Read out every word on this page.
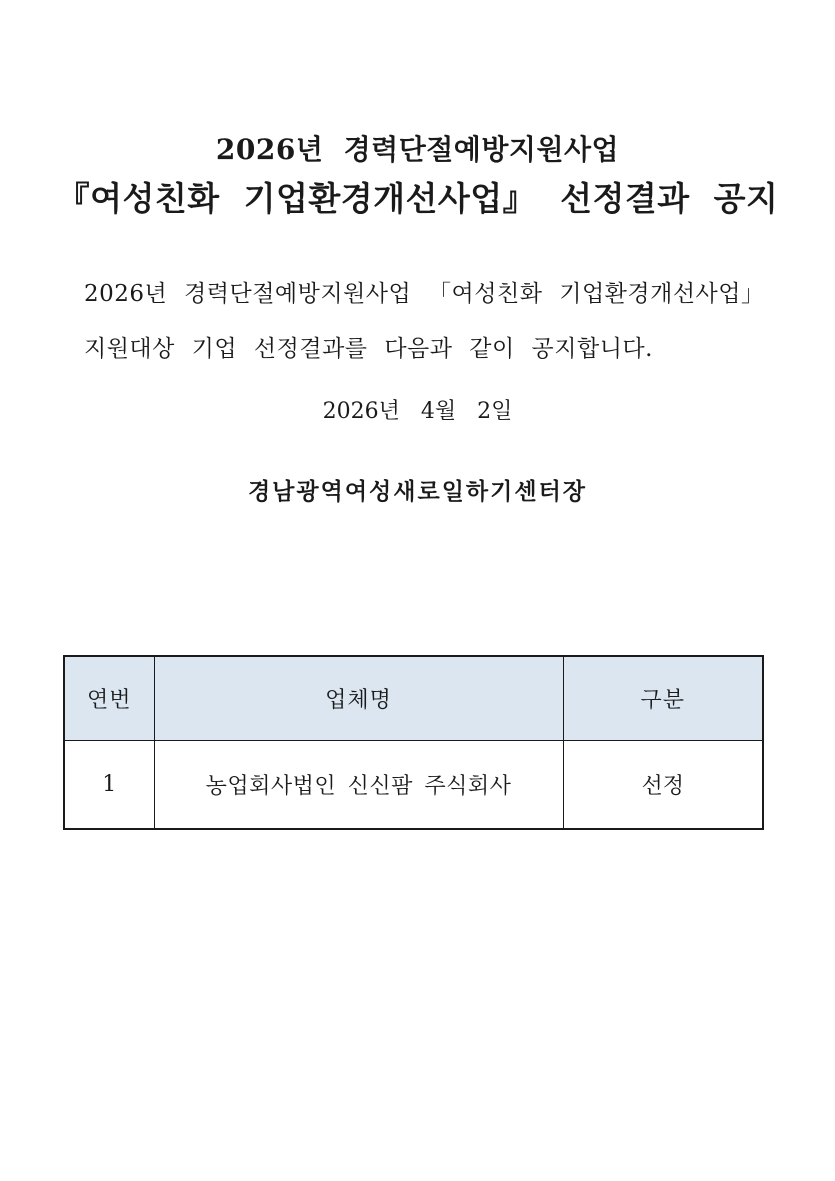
2026년 경력단절예방지원사업
『여성친화 기업환경개선사업』 선정결과 공지
2026년 경력단절예방지원사업 「여성친화 기업환경개선사업」
지원대상 기업 선정결과를 다음과 같이 공지합니다.
2026년 4월 2일
경남광역여성새로일하기센터장
연번	업체명	구분
1	농업회사법인 신신팜 주식회사	선정
